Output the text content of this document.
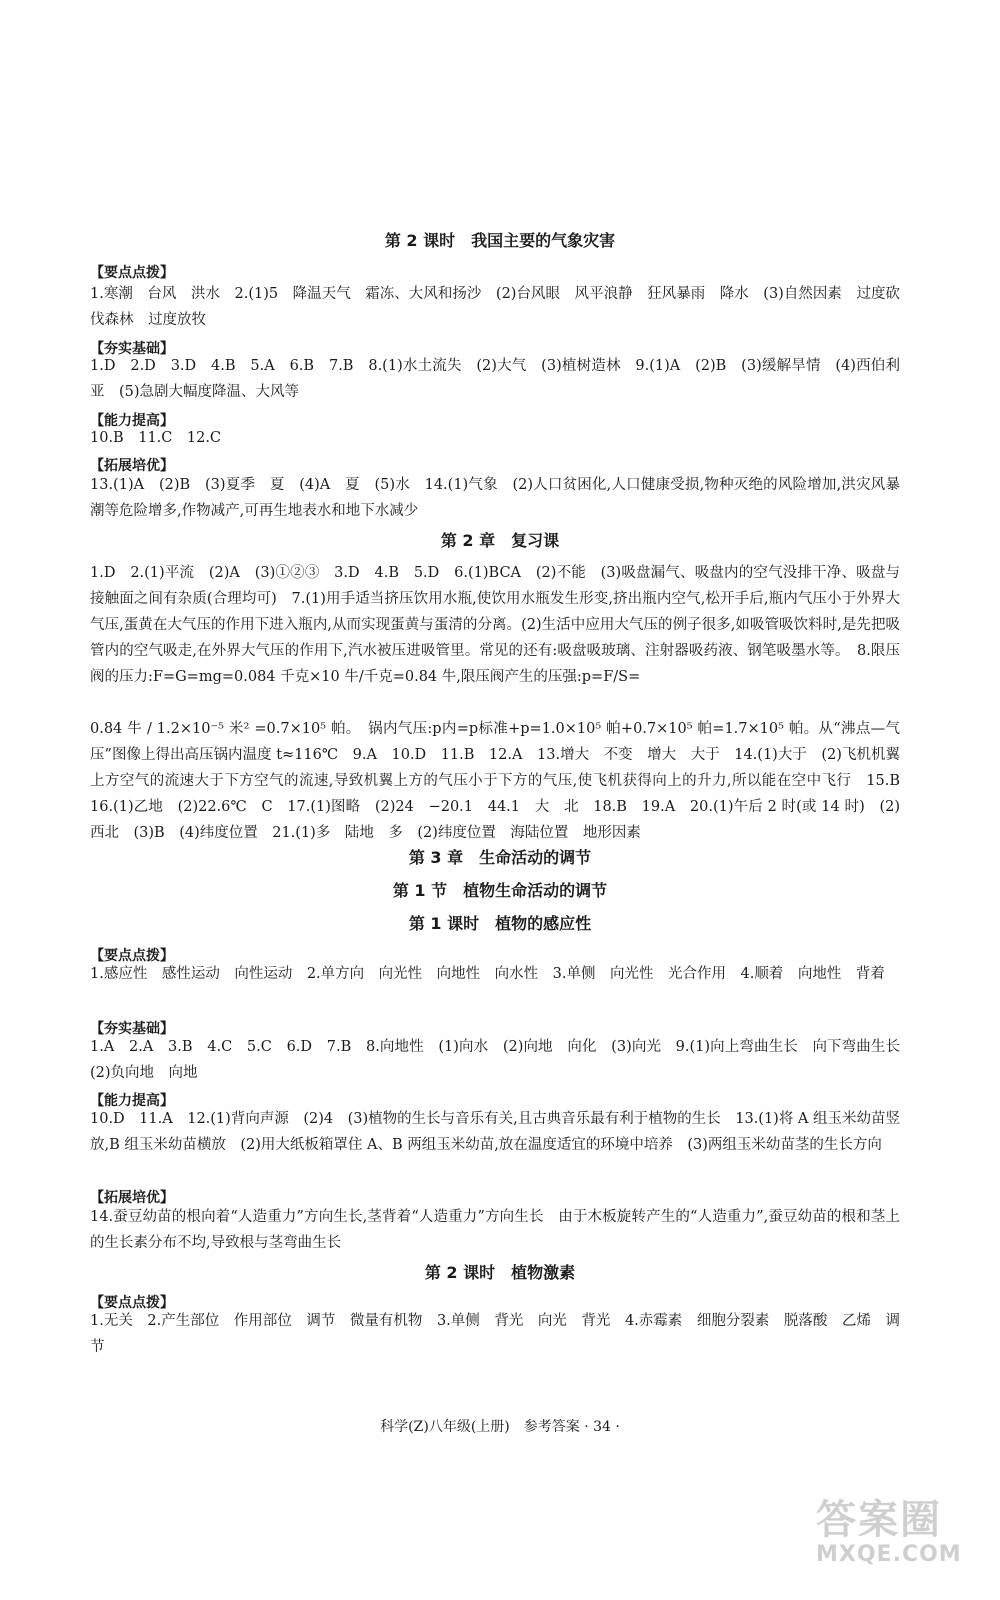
第 2 课时　我国主要的气象灾害
【要点点拨】
1.寒潮　台风　洪水　2.(1)5　降温天气　霜冻、大风和扬沙　(2)台风眼　风平浪静　狂风暴雨　降水　(3)自然因素　过度砍伐森林　过度放牧
【夯实基础】
1.D　2.D　3.D　4.B　5.A　6.B　7.B　8.(1)水土流失　(2)大气　(3)植树造林　9.(1)A　(2)B　(3)缓解旱情　(4)西伯利亚　(5)急剧大幅度降温、大风等
【能力提高】
10.B　11.C　12.C
【拓展培优】
13.(1)A　(2)B　(3)夏季　夏　(4)A　夏　(5)水　14.(1)气象　(2)人口贫困化,人口健康受损,物种灭绝的风险增加,洪灾风暴潮等危险增多,作物减产,可再生地表水和地下水减少
第 2 章　复习课
1.D　2.(1)平流　(2)A　(3)①②③　3.D　4.B　5.D　6.(1)BCA　(2)不能　(3)吸盘漏气、吸盘内的空气没排干净、吸盘与接触面之间有杂质(合理均可)　7.(1)用手适当挤压饮用水瓶,使饮用水瓶发生形变,挤出瓶内空气,松开手后,瓶内气压小于外界大气压,蛋黄在大气压的作用下进入瓶内,从而实现蛋黄与蛋清的分离。(2)生活中应用大气压的例子很多,如吸管吸饮料时,是先把吸管内的空气吸走,在外界大气压的作用下,汽水被压进吸管里。常见的还有:吸盘吸玻璃、注射器吸药液、钢笔吸墨水等。　8.限压阀的压力:F=G=mg=0.084 千克×10 牛/千克=0.84 牛,限压阀产生的压强:p=F/S=
0.84 牛 / 1.2×10⁻⁵ 米² =0.7×10⁵ 帕。　锅内气压:p内=p标准+p=1.0×10⁵ 帕+0.7×10⁵ 帕=1.7×10⁵ 帕。从“沸点—气压”图像上得出高压锅内温度 t≈116℃　9.A　10.D　11.B　12.A　13.增大　不变　增大　大于　14.(1)大于　(2)飞机机翼上方空气的流速大于下方空气的流速,导致机翼上方的气压小于下方的气压,使飞机获得向上的升力,所以能在空中飞行　15.B　16.(1)乙地　(2)22.6℃　C　17.(1)图略　(2)24　−20.1　44.1　大　北　18.B　19.A　20.(1)午后 2 时(或 14 时)　(2)西北　(3)B　(4)纬度位置　21.(1)多　陆地　多　(2)纬度位置　海陆位置　地形因素
第 3 章　生命活动的调节
第 1 节　植物生命活动的调节
第 1 课时　植物的感应性
【要点点拨】
1.感应性　感性运动　向性运动　2.单方向　向光性　向地性　向水性　3.单侧　向光性　光合作用　4.顺着　向地性　背着
【夯实基础】
1.A　2.A　3.B　4.C　5.C　6.D　7.B　8.向地性　(1)向水　(2)向地　向化　(3)向光　9.(1)向上弯曲生长　向下弯曲生长　(2)负向地　向地
【能力提高】
10.D　11.A　12.(1)背向声源　(2)4　(3)植物的生长与音乐有关,且古典音乐最有利于植物的生长　13.(1)将 A 组玉米幼苗竖放,B 组玉米幼苗横放　(2)用大纸板箱罩住 A、B 两组玉米幼苗,放在温度适宜的环境中培养　(3)两组玉米幼苗茎的生长方向
【拓展培优】
14.蚕豆幼苗的根向着“人造重力”方向生长,茎背着“人造重力”方向生长　由于木板旋转产生的“人造重力”,蚕豆幼苗的根和茎上的生长素分布不均,导致根与茎弯曲生长
第 2 课时　植物激素
【要点点拨】
1.无关　2.产生部位　作用部位　调节　微量有机物　3.单侧　背光　向光　背光　4.赤霉素　细胞分裂素　脱落酸　乙烯　调节
科学(Z)八年级(上册)　参考答案 · 34 ·
答案圈
MXQE.COM
